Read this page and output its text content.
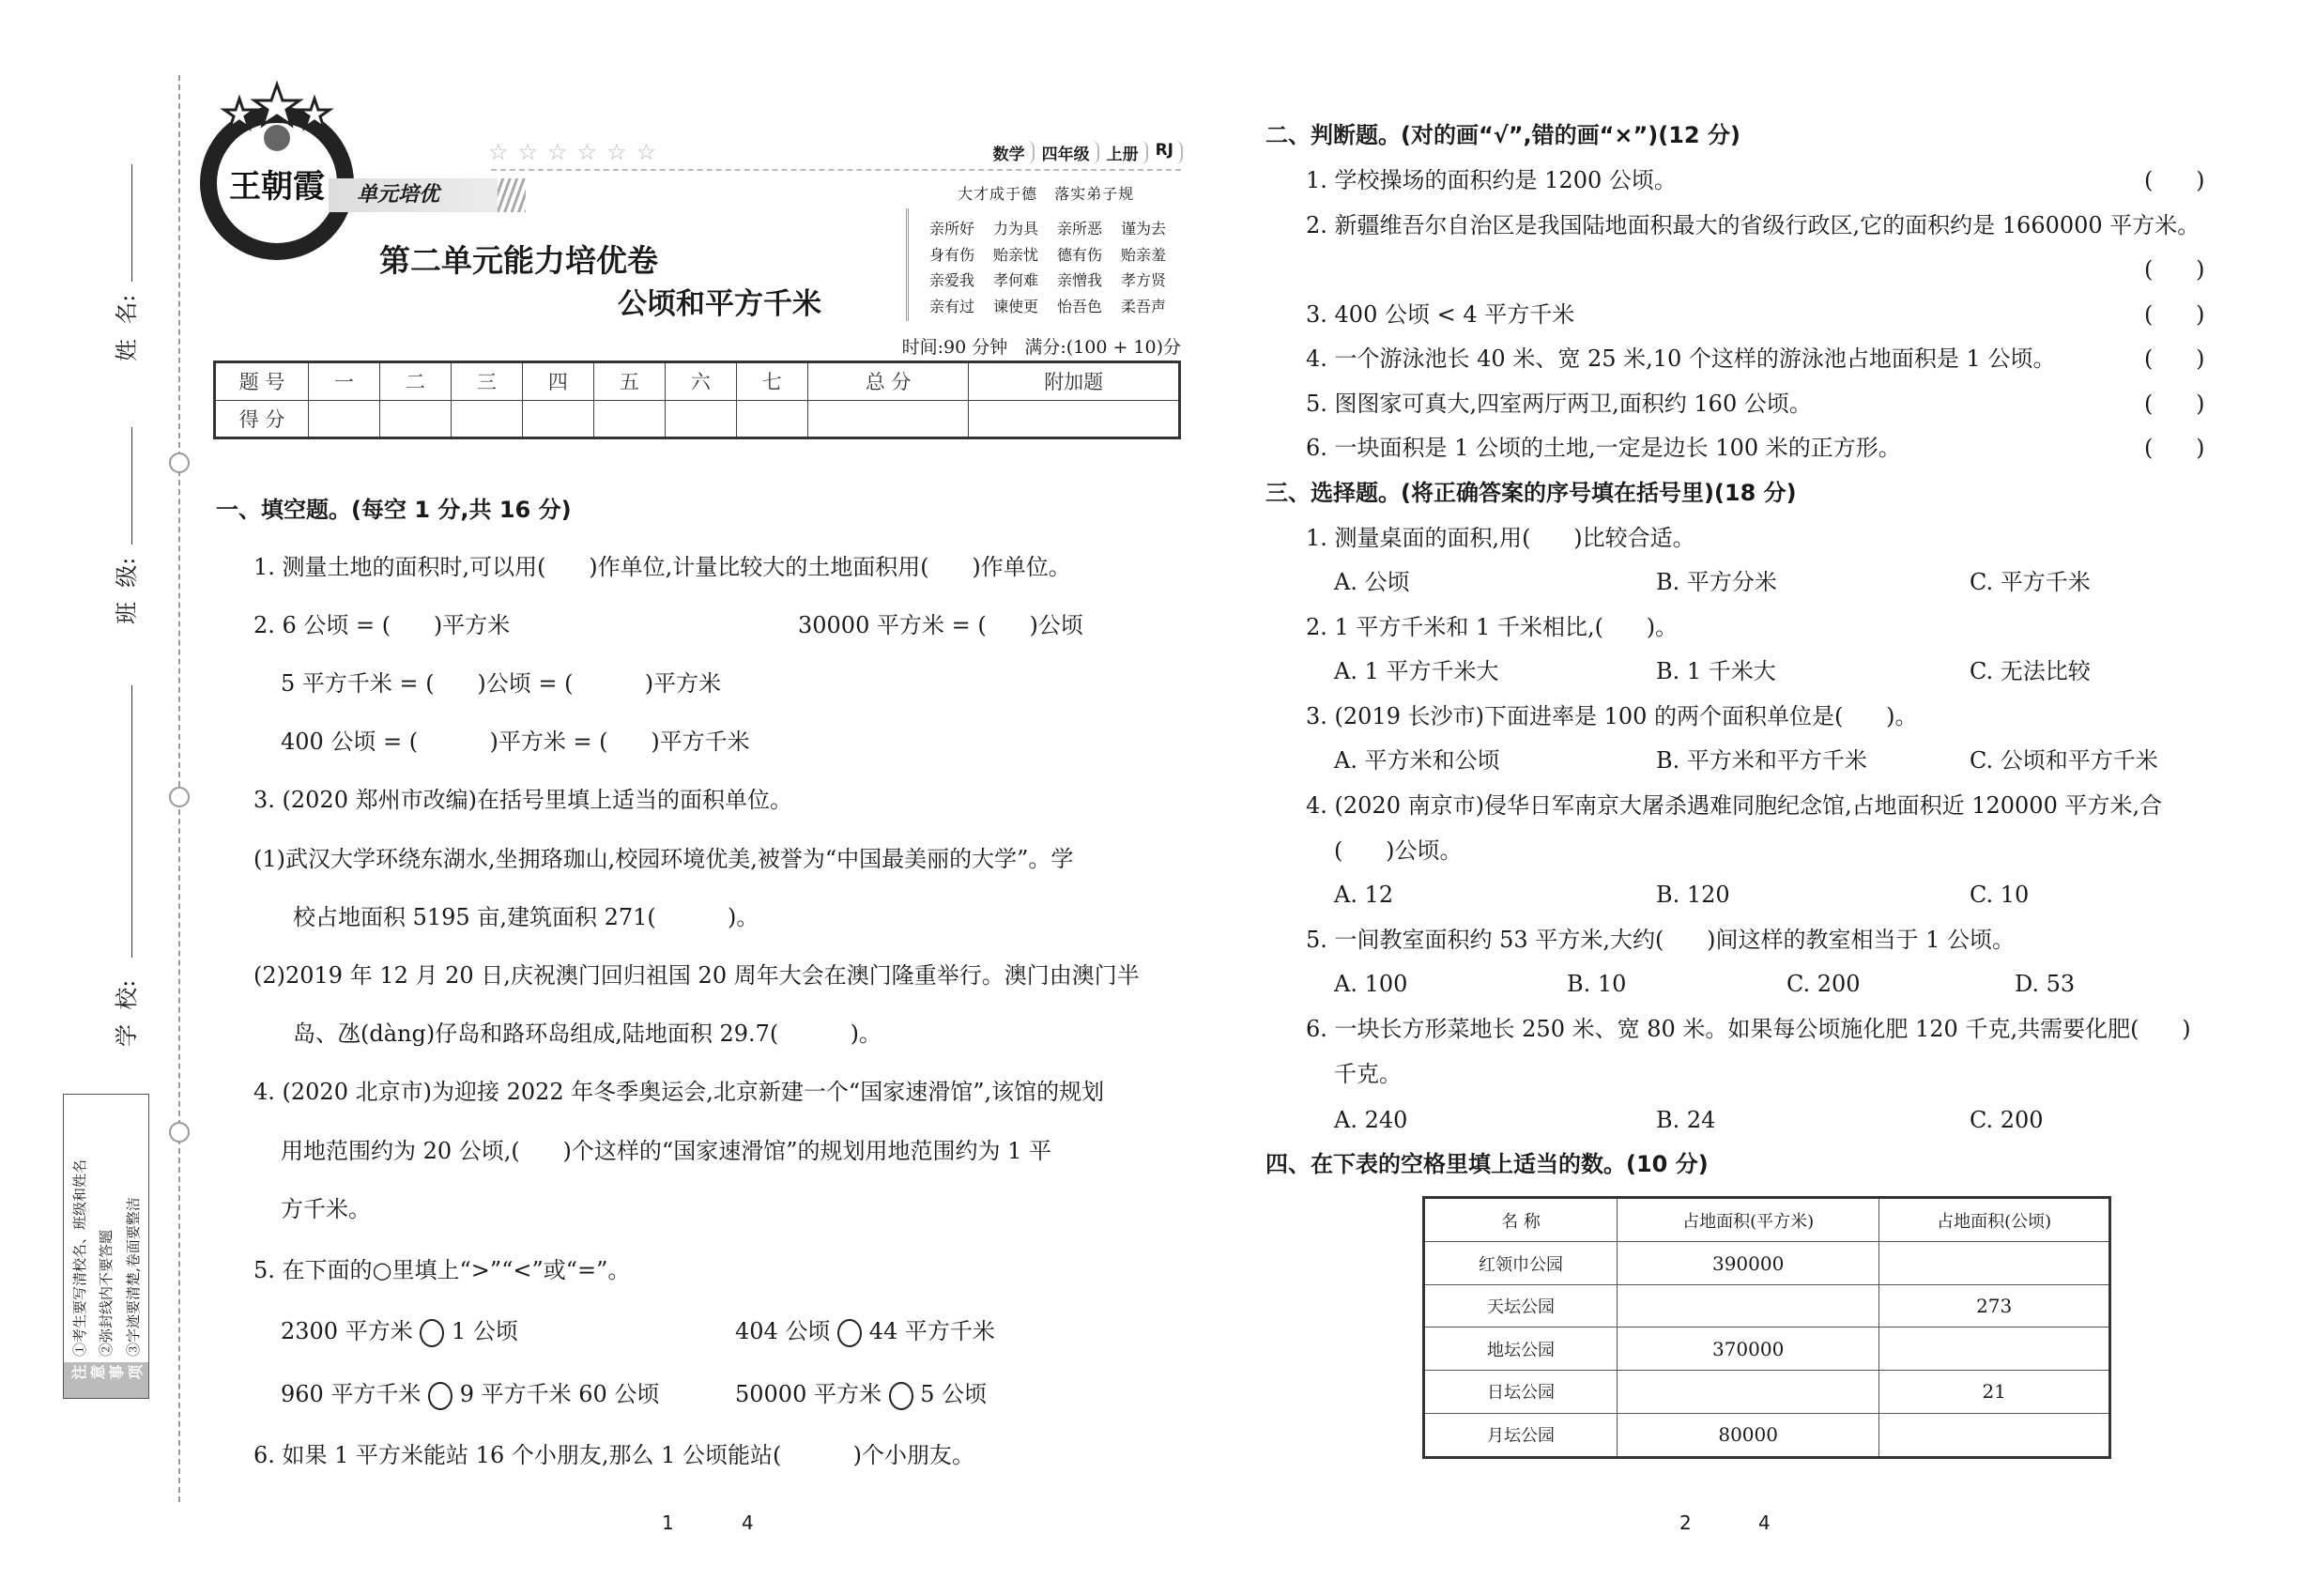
姓  名:
班  级:
学  校:
注意事项
①考生要写清校名、班级和姓名 ②弥封线内不要答题 ③字迹要清楚,卷面要整洁
王朝霞
☆☆☆☆☆☆	数学	四年级	上册	RJ
单元培优	大才成于德   落实弟子规
亲所好 力为具 亲所恶 谨为去
身有伤 贻亲忧 德有伤 贻亲羞
亲爱我 孝何难 亲憎我 孝方贤
亲有过 谏使更 怡吾色 柔吾声
第二单元能力培优卷
公顷和平方千米
时间:90 分钟 满分:(100 + 10)分
题 号	一	二	三	四	五	六	七	总 分	附加题
得 分									
一、填空题。(每空 1 分,共 16 分)
1. 测量土地的面积时,可以用(      )作单位,计量比较大的土地面积用(      )作单位。
2. 6 公顷 = (      )平方米	30000 平方米 = (      )公顷
5 平方千米 = (      )公顷 = (          )平方米
400 公顷 = (          )平方米 = (      )平方千米
3. (2020 郑州市改编)在括号里填上适当的面积单位。
(1)武汉大学环绕东湖水,坐拥珞珈山,校园环境优美,被誉为“中国最美丽的大学”。学
校占地面积 5195 亩,建筑面积 271(          )。
(2)2019 年 12 月 20 日,庆祝澳门回归祖国 20 周年大会在澳门隆重举行。澳门由澳门半
岛、氹(dàng)仔岛和路环岛组成,陆地面积 29.7(          )。
4. (2020 北京市)为迎接 2022 年冬季奥运会,北京新建一个“国家速滑馆”,该馆的规划
用地范围约为 20 公顷,(      )个这样的“国家速滑馆”的规划用地范围约为 1 平
方千米。
5. 在下面的○里填上“>”“<”或“=”。
2300 平方米 1 公顷	404 公顷 44 平方千米
960 平方千米 9 平方千米 60 公顷	50000 平方米 5 公顷
6. 如果 1 平方米能站 16 个小朋友,那么 1 公顷能站(          )个小朋友。
1	4
二、判断题。(对的画“√”,错的画“×”)(12 分)
1. 学校操场的面积约是 1200 公顷。	(      )
2. 新疆维吾尔自治区是我国陆地面积最大的省级行政区,它的面积约是 1660000 平方米。
(      )
3. 400 公顷 < 4 平方千米	(      )
4. 一个游泳池长 40 米、宽 25 米,10 个这样的游泳池占地面积是 1 公顷。	(      )
5. 图图家可真大,四室两厅两卫,面积约 160 公顷。	(      )
6. 一块面积是 1 公顷的土地,一定是边长 100 米的正方形。	(      )
三、选择题。(将正确答案的序号填在括号里)(18 分)
1. 测量桌面的面积,用(      )比较合适。
A. 公顷	B. 平方分米	C. 平方千米
2. 1 平方千米和 1 千米相比,(      )。
A. 1 平方千米大	B. 1 千米大	C. 无法比较
3. (2019 长沙市)下面进率是 100 的两个面积单位是(      )。
A. 平方米和公顷	B. 平方米和平方千米	C. 公顷和平方千米
4. (2020 南京市)侵华日军南京大屠杀遇难同胞纪念馆,占地面积近 120000 平方米,合
(      )公顷。
A. 12	B. 120	C. 10
5. 一间教室面积约 53 平方米,大约(      )间这样的教室相当于 1 公顷。
A. 100	B. 10	C. 200	D. 53
6. 一块长方形菜地长 250 米、宽 80 米。如果每公顷施化肥 120 千克,共需要化肥(      )
千克。
A. 240	B. 24	C. 200
四、在下表的空格里填上适当的数。(10 分)
名 称	占地面积(平方米)	占地面积(公顷)
红领巾公园	390000	
天坛公园		273
地坛公园	370000	
日坛公园		21
月坛公园	80000	
2	4
